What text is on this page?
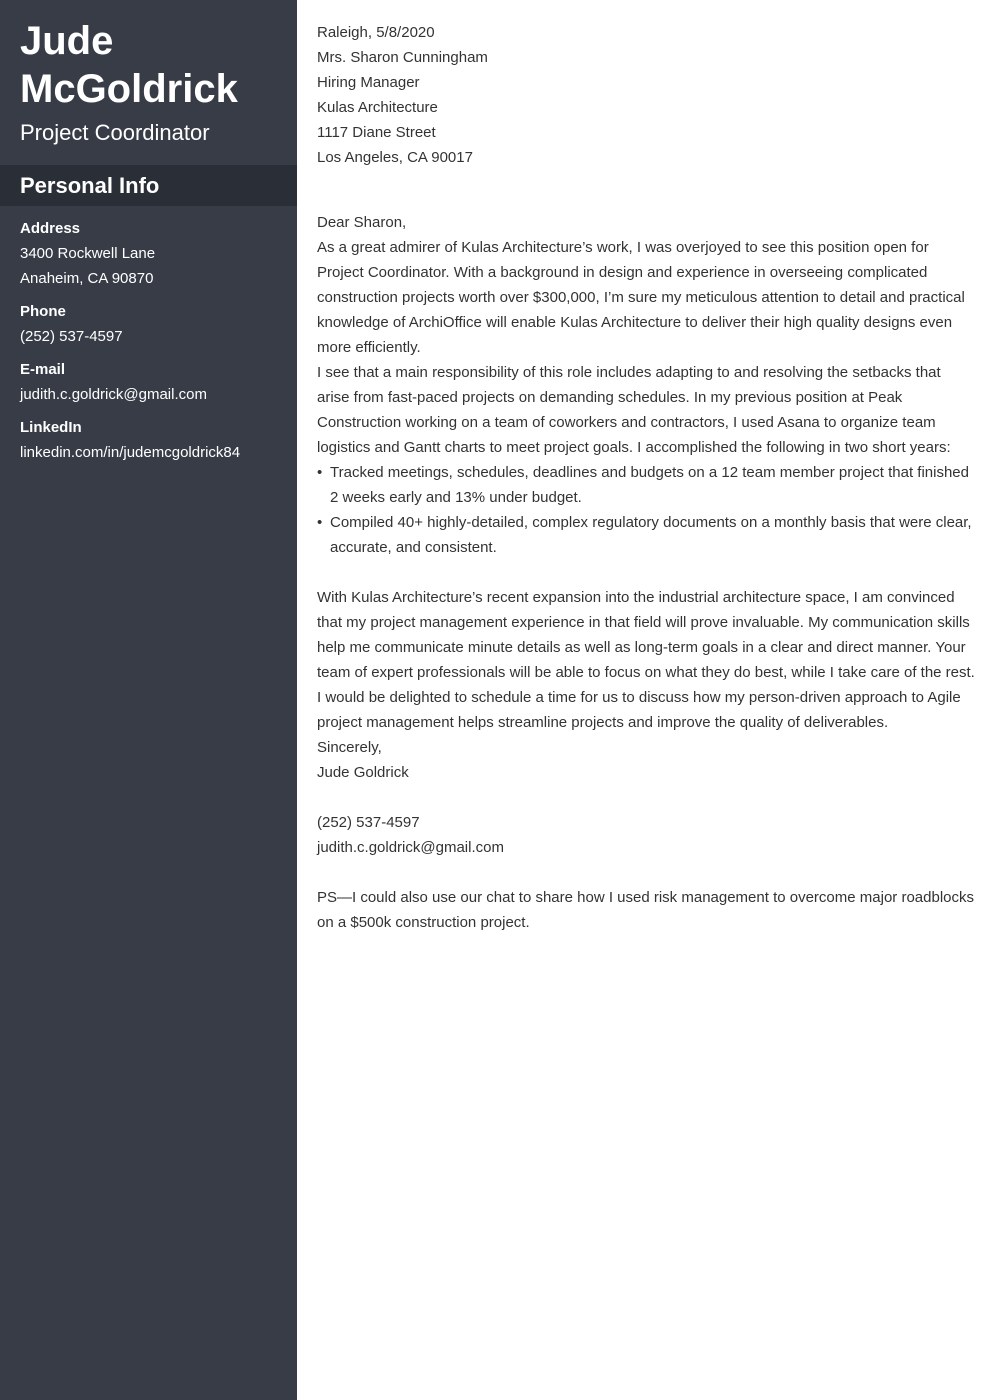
Jude McGoldrick
Project Coordinator
Personal Info
Address
3400 Rockwell Lane
Anaheim, CA 90870
Phone
(252) 537-4597
E-mail
judith.c.goldrick@gmail.com
LinkedIn
linkedin.com/in/judemcgoldrick84

Raleigh, 5/8/2020

Mrs. Sharon Cunningham

Hiring Manager

Kulas Architecture

1117 Diane Street

Los Angeles, CA 90017

Dear Sharon,

As a great admirer of Kulas Architecture’s work, I was overjoyed to see this position open for Project Coordinator. With a background in design and experience in overseeing complicated construction projects worth over $300,000, I’m sure my meticulous attention to detail and practical knowledge of ArchiOffice will enable Kulas Architecture to deliver their high quality designs even more efficiently.

I see that a main responsibility of this role includes adapting to and resolving the setbacks that arise from fast-paced projects on demanding schedules. In my previous position at Peak Construction working on a team of coworkers and contractors, I used Asana to organize team logistics and Gantt charts to meet project goals. I accomplished the following in two short years:

• Tracked meetings, schedules, deadlines and budgets on a 12 team member project that finished 2 weeks early and 13% under budget.
• Compiled 40+ highly-detailed, complex regulatory documents on a monthly basis that were clear, accurate, and consistent.

With Kulas Architecture’s recent expansion into the industrial architecture space, I am convinced that my project management experience in that field will prove invaluable. My communication skills help me communicate minute details as well as long-term goals in a clear and direct manner. Your team of expert professionals will be able to focus on what they do best, while I take care of the rest.

I would be delighted to schedule a time for us to discuss how my person-driven approach to Agile project management helps streamline projects and improve the quality of deliverables.

Sincerely,

Jude Goldrick

(252) 537-4597

judith.c.goldrick@gmail.com

PS—I could also use our chat to share how I used risk management to overcome major roadblocks on a $500k construction project.
